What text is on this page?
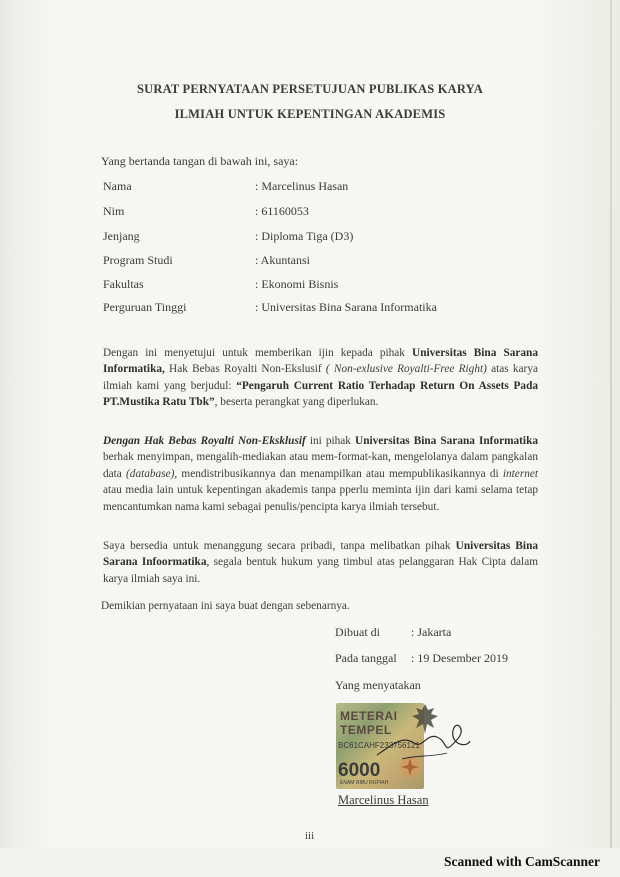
SURAT PERNYATAAN PERSETUJUAN PUBLIKAS KARYA
ILMIAH UNTUK KEPENTINGAN AKADEMIS
Yang bertanda tangan di bawah ini, saya:
Nama	: Marcelinus Hasan
Nim	: 61160053
Jenjang	: Diploma Tiga (D3)
Program Studi	: Akuntansi
Fakultas	: Ekonomi Bisnis
Perguruan Tinggi	: Universitas Bina Sarana Informatika
Dengan ini menyetujui untuk memberikan ijin kepada pihak Universitas Bina Sarana Informatika, Hak Bebas Royalti Non-Ekslusif ( Non-exlusive Royalti-Free Right) atas karya ilmiah kami yang berjudul: “Pengaruh Current Ratio Terhadap Return On Assets Pada PT.Mustika Ratu Tbk”, beserta perangkat yang diperlukan.
Dengan Hak Bebas Royalti Non-Eksklusif ini pihak Universitas Bina Sarana Informatika berhak menyimpan, mengalih-mediakan atau mem-format-kan, mengelolanya dalam pangkalan data (database), mendistribusikannya dan menampilkan atau mempublikasikannya di internet atau media lain untuk kepentingan akademis tanpa pperlu meminta ijin dari kami selama tetap mencantumkan nama kami sebagai penulis/pencipta karya ilmiah tersebut.
Saya bersedia untuk menanggung secara pribadi, tanpa melibatkan pihak Universitas Bina Sarana Infoormatika, segala bentuk hukum yang timbul atas pelanggaran Hak Cipta dalam karya ilmiah saya ini.
Demikian pernyataan ini saya buat dengan sebenarnya.
Dibuat di	: Jakarta
Pada tanggal : 19 Desember 2019
Yang menyatakan
METERAI
TEMPEL
BC61CAHF233756121
6000
ENAM RIBU RUPIAH
Marcelinus Hasan
iii
Scanned with CamScanner
